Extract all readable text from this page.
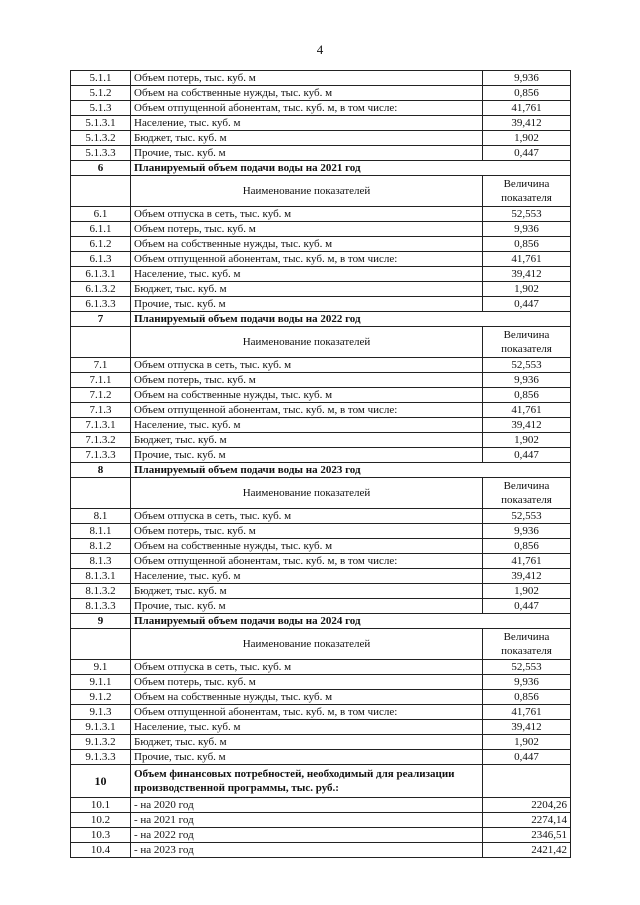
4
5.1.1	Объем потерь, тыс. куб. м	9,936
5.1.2	Объем на собственные нужды, тыс. куб. м	0,856
5.1.3	Объем отпущенной абонентам, тыс. куб. м, в том числе:	41,761
5.1.3.1	Население, тыс. куб. м	39,412
5.1.3.2	Бюджет, тыс. куб. м	1,902
5.1.3.3	Прочие, тыс. куб. м	0,447
6	Планируемый объем подачи воды на 2021 год	
	Наименование показателей	Величина показателя
6.1	Объем отпуска в сеть, тыс. куб. м	52,553
6.1.1	Объем потерь, тыс. куб. м	9,936
6.1.2	Объем на собственные нужды, тыс. куб. м	0,856
6.1.3	Объем отпущенной абонентам, тыс. куб. м, в том числе:	41,761
6.1.3.1	Население, тыс. куб. м	39,412
6.1.3.2	Бюджет, тыс. куб. м	1,902
6.1.3.3	Прочие, тыс. куб. м	0,447
7	Планируемый объем подачи воды на 2022 год	
	Наименование показателей	Величина показателя
7.1	Объем отпуска в сеть, тыс. куб. м	52,553
7.1.1	Объем потерь, тыс. куб. м	9,936
7.1.2	Объем на собственные нужды, тыс. куб. м	0,856
7.1.3	Объем отпущенной абонентам, тыс. куб. м, в том числе:	41,761
7.1.3.1	Население, тыс. куб. м	39,412
7.1.3.2	Бюджет, тыс. куб. м	1,902
7.1.3.3	Прочие, тыс. куб. м	0,447
8	Планируемый объем подачи воды на 2023 год	
	Наименование показателей	Величина показателя
8.1	Объем отпуска в сеть, тыс. куб. м	52,553
8.1.1	Объем потерь, тыс. куб. м	9,936
8.1.2	Объем на собственные нужды, тыс. куб. м	0,856
8.1.3	Объем отпущенной абонентам, тыс. куб. м, в том числе:	41,761
8.1.3.1	Население, тыс. куб. м	39,412
8.1.3.2	Бюджет, тыс. куб. м	1,902
8.1.3.3	Прочие, тыс. куб. м	0,447
9	Планируемый объем подачи воды на 2024 год	
	Наименование показателей	Величина показателя
9.1	Объем отпуска в сеть, тыс. куб. м	52,553
9.1.1	Объем потерь, тыс. куб. м	9,936
9.1.2	Объем на собственные нужды, тыс. куб. м	0,856
9.1.3	Объем отпущенной абонентам, тыс. куб. м, в том числе:	41,761
9.1.3.1	Население, тыс. куб. м	39,412
9.1.3.2	Бюджет, тыс. куб. м	1,902
9.1.3.3	Прочие, тыс. куб. м	0,447
10	Объем финансовых потребностей, необходимый для реализации производственной программы, тыс. руб.:	
10.1	- на 2020 год	2204,26
10.2	- на 2021 год	2274,14
10.3	- на 2022 год	2346,51
10.4	- на 2023 год	2421,42
